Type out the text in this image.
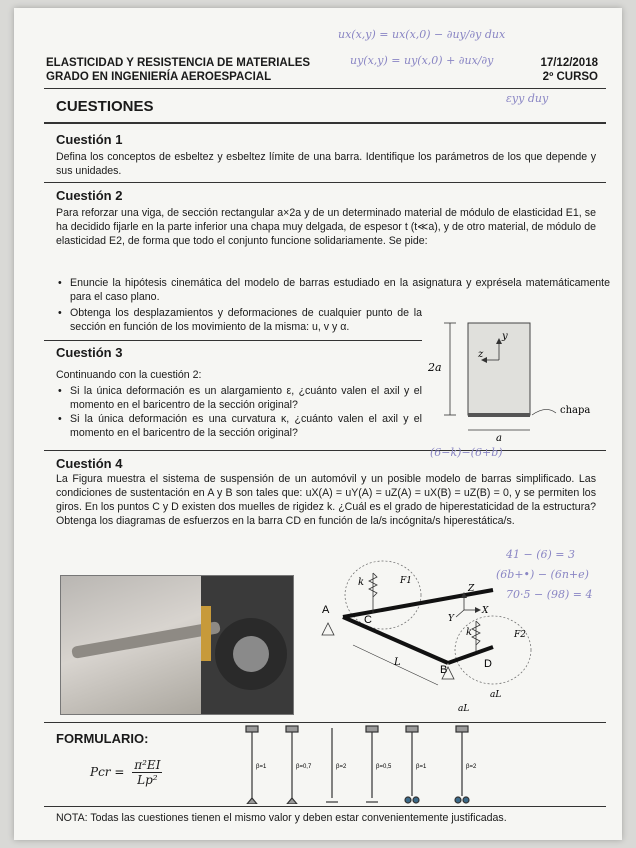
ux(x,y) = ux(x,0) − ∂uy/∂y dux
uy(x,y) = uy(x,0) + ∂ux/∂y
εyy duy
ELASTICIDAD Y RESISTENCIA DE MATERIALES
GRADO EN INGENIERÍA AEROESPACIAL
17/12/2018
2º CURSO
CUESTIONES
Cuestión 1
Defina los conceptos de esbeltez y esbeltez límite de una barra. Identifique los parámetros de los que depende y sus unidades.
Cuestión 2
Para reforzar una viga, de sección rectangular a×2a y de un determinado material de módulo de elasticidad E1, se ha decidido fijarle en la parte inferior una chapa muy delgada, de espesor t (t≪a), y de otro material, de módulo de elasticidad E2, de forma que todo el conjunto funcione solidariamente. Se pide:
• Enuncie la hipótesis cinemática del modelo de barras estudiado en la asignatura y exprésela matemáticamente para el caso plano.
• Obtenga los desplazamientos y deformaciones de cualquier punto de la sección en función de los movimiento de la misma: u, v y α.
Cuestión 3
Continuando con la cuestión 2:
• Si la única deformación es un alargamiento ε, ¿cuánto valen el axil y el momento en el baricentro de la sección original?
• Si la única deformación es una curvatura κ, ¿cuánto valen el axil y el momento en el baricentro de la sección original?
2a
a
y
z
chapa
(6−k)−(6+b)
Cuestión 4
La Figura muestra el sistema de suspensión de un automóvil y un posible modelo de barras simplificado. Las condiciones de sustentación en A y B son tales que: uX(A) = uY(A) = uZ(A) = uX(B) = uZ(B) = 0, y se permiten los giros. En los puntos C y D existen dos muelles de rigidez k. ¿Cuál es el grado de hiperestaticidad de la estructura? Obtenga los diagramas de esfuerzos en la barra CD en función de la/s incógnita/s hiperestática/s.
41 − (6) = 3
(6b+•) − (6n+e)
70·5 − (98) = 4
A
B
C
D
k
k
F1
F2
L
aL
aL
Z
X
Y
FORMULARIO:
Pcr = $\frac{\text{π²EI}}{\text{Lp²}}$	β=1	β=0,7	β=2	β=0,5	β=1	β=2
NOTA: Todas las cuestiones tienen el mismo valor y deben estar convenientemente justificadas.
